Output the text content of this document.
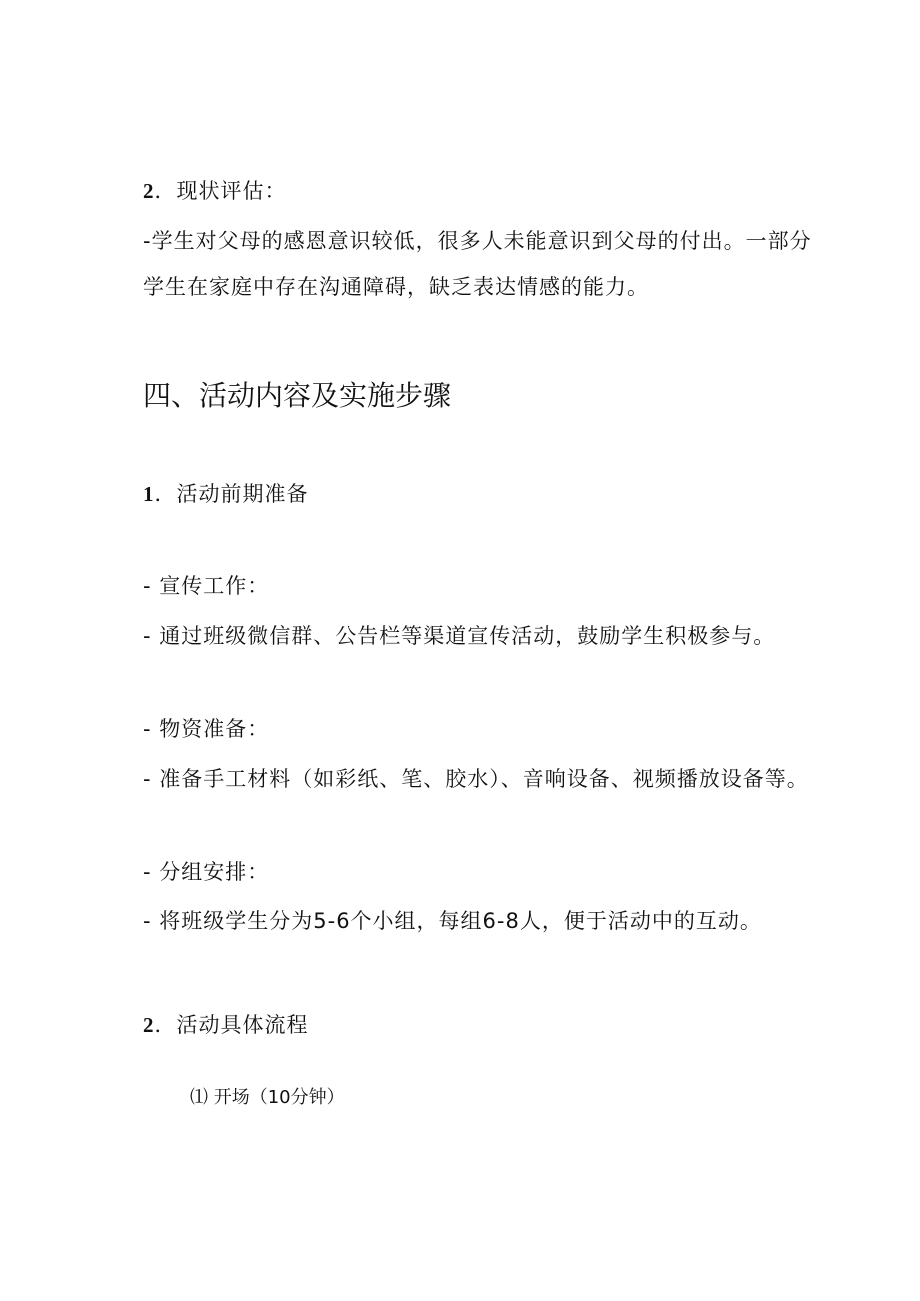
2．现状评估：
-学生对父母的感恩意识较低，很多人未能意识到父母的付出。一部分
学生在家庭中存在沟通障碍，缺乏表达情感的能力。
四、活动内容及实施步骤
1．活动前期准备
- 宣传工作：
- 通过班级微信群、公告栏等渠道宣传活动，鼓励学生积极参与。
- 物资准备：
- 准备手工材料（如彩纸、笔、胶水）、音响设备、视频播放设备等。
- 分组安排：
- 将班级学生分为5-6个小组，每组6-8人，便于活动中的互动。
2．活动具体流程
⑴ 开场（10分钟）
